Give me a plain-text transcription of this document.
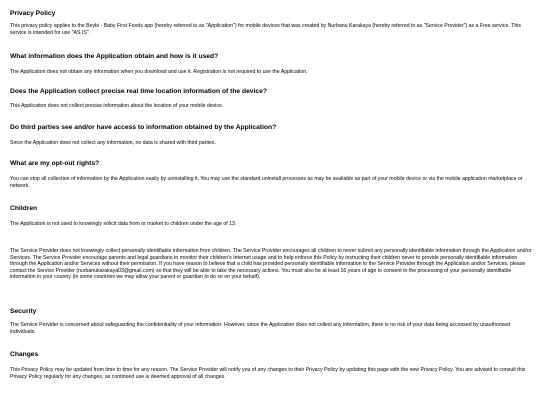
Privacy Policy

This privacy policy applies to the Beybi - Baby First Foods app (hereby referred to as "Application") for mobile devices that was created by Nurbanu Karakaya (hereby referred to as "Service Provider") as a Free service. This service is intended for use "AS IS".

What information does the Application obtain and how is it used?

The Application does not obtain any information when you download and use it. Registration is not required to use the Application.

Does the Application collect precise real time location information of the device?

This Application does not collect precise information about the location of your mobile device.

Do third parties see and/or have access to information obtained by the Application?

Since the Application does not collect any information, no data is shared with third parties.

What are my opt-out rights?

You can stop all collection of information by the Application easily by uninstalling it. You may use the standard uninstall processes as may be available as part of your mobile device or via the mobile application marketplace or network.

Children

The Application is not used to knowingly solicit data from or market to children under the age of 13.

The Service Provider does not knowingly collect personally identifiable information from children. The Service Provider encourages all children to never submit any personally identifiable information through the Application and/or Services. The Service Provider encourage parents and legal guardians to monitor their children's Internet usage and to help enforce this Policy by instructing their children never to provide personally identifiable information through the Application and/or Services without their permission. If you have reason to believe that a child has provided personally identifiable information to the Service Provider through the Application and/or Services, please contact the Service Provider (nurbanukarakaya03@gmail.com) so that they will be able to take the necessary actions. You must also be at least 16 years of age to consent to the processing of your personally identifiable information in your country (in some countries we may allow your parent or guardian to do so on your behalf).

Security

The Service Provider is concerned about safeguarding the confidentiality of your information. However, since the Application does not collect any information, there is no risk of your data being accessed by unauthorized individuals.

Changes

This Privacy Policy may be updated from time to time for any reason. The Service Provider will notify you of any changes to their Privacy Policy by updating this page with the new Privacy Policy. You are advised to consult this Privacy Policy regularly for any changes, as continued use is deemed approval of all changes.
